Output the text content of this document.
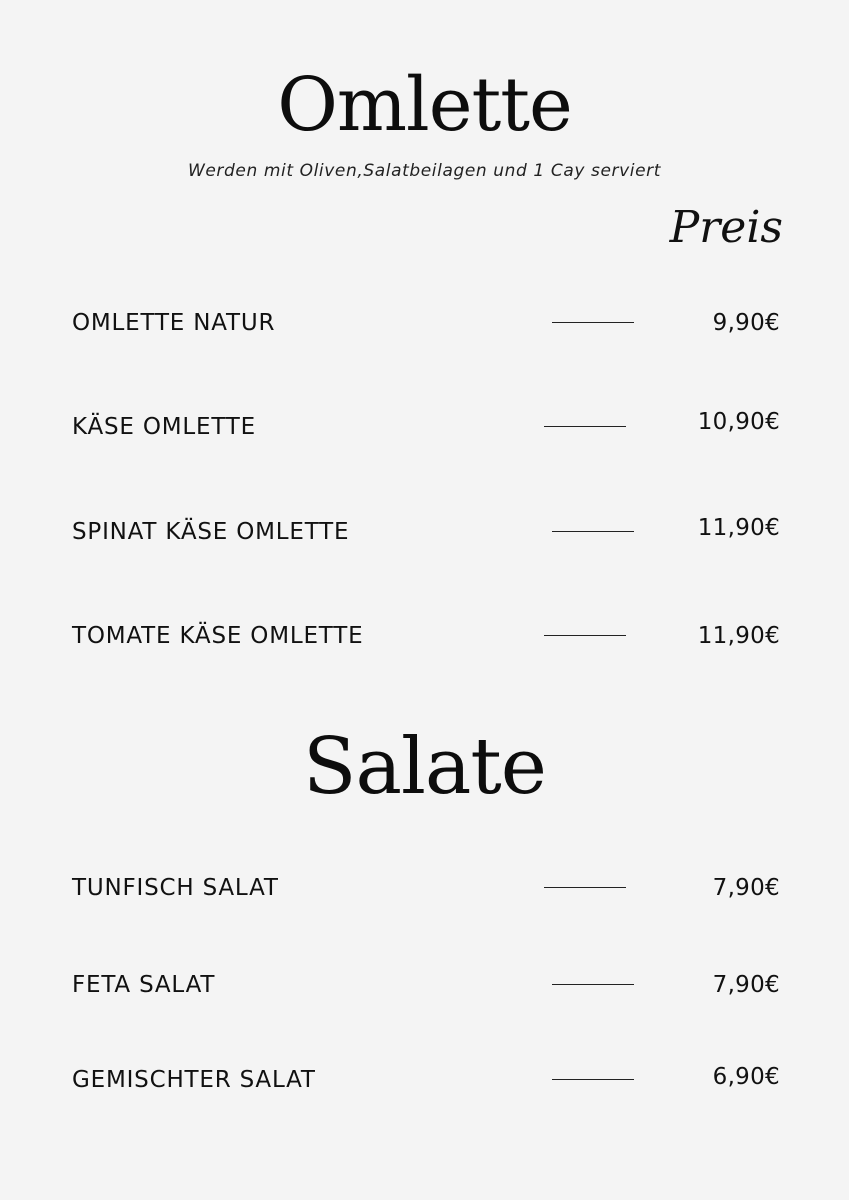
Omlette
Werden mit Oliven,Salatbeilagen und 1 Cay serviert
Preis
OMLETTE NATUR	9,90€
KÄSE OMLETTE	10,90€
SPINAT KÄSE OMLETTE	11,90€
TOMATE KÄSE OMLETTE	11,90€
Salate
TUNFISCH SALAT	7,90€
FETA SALAT	7,90€
GEMISCHTER SALAT	6,90€
